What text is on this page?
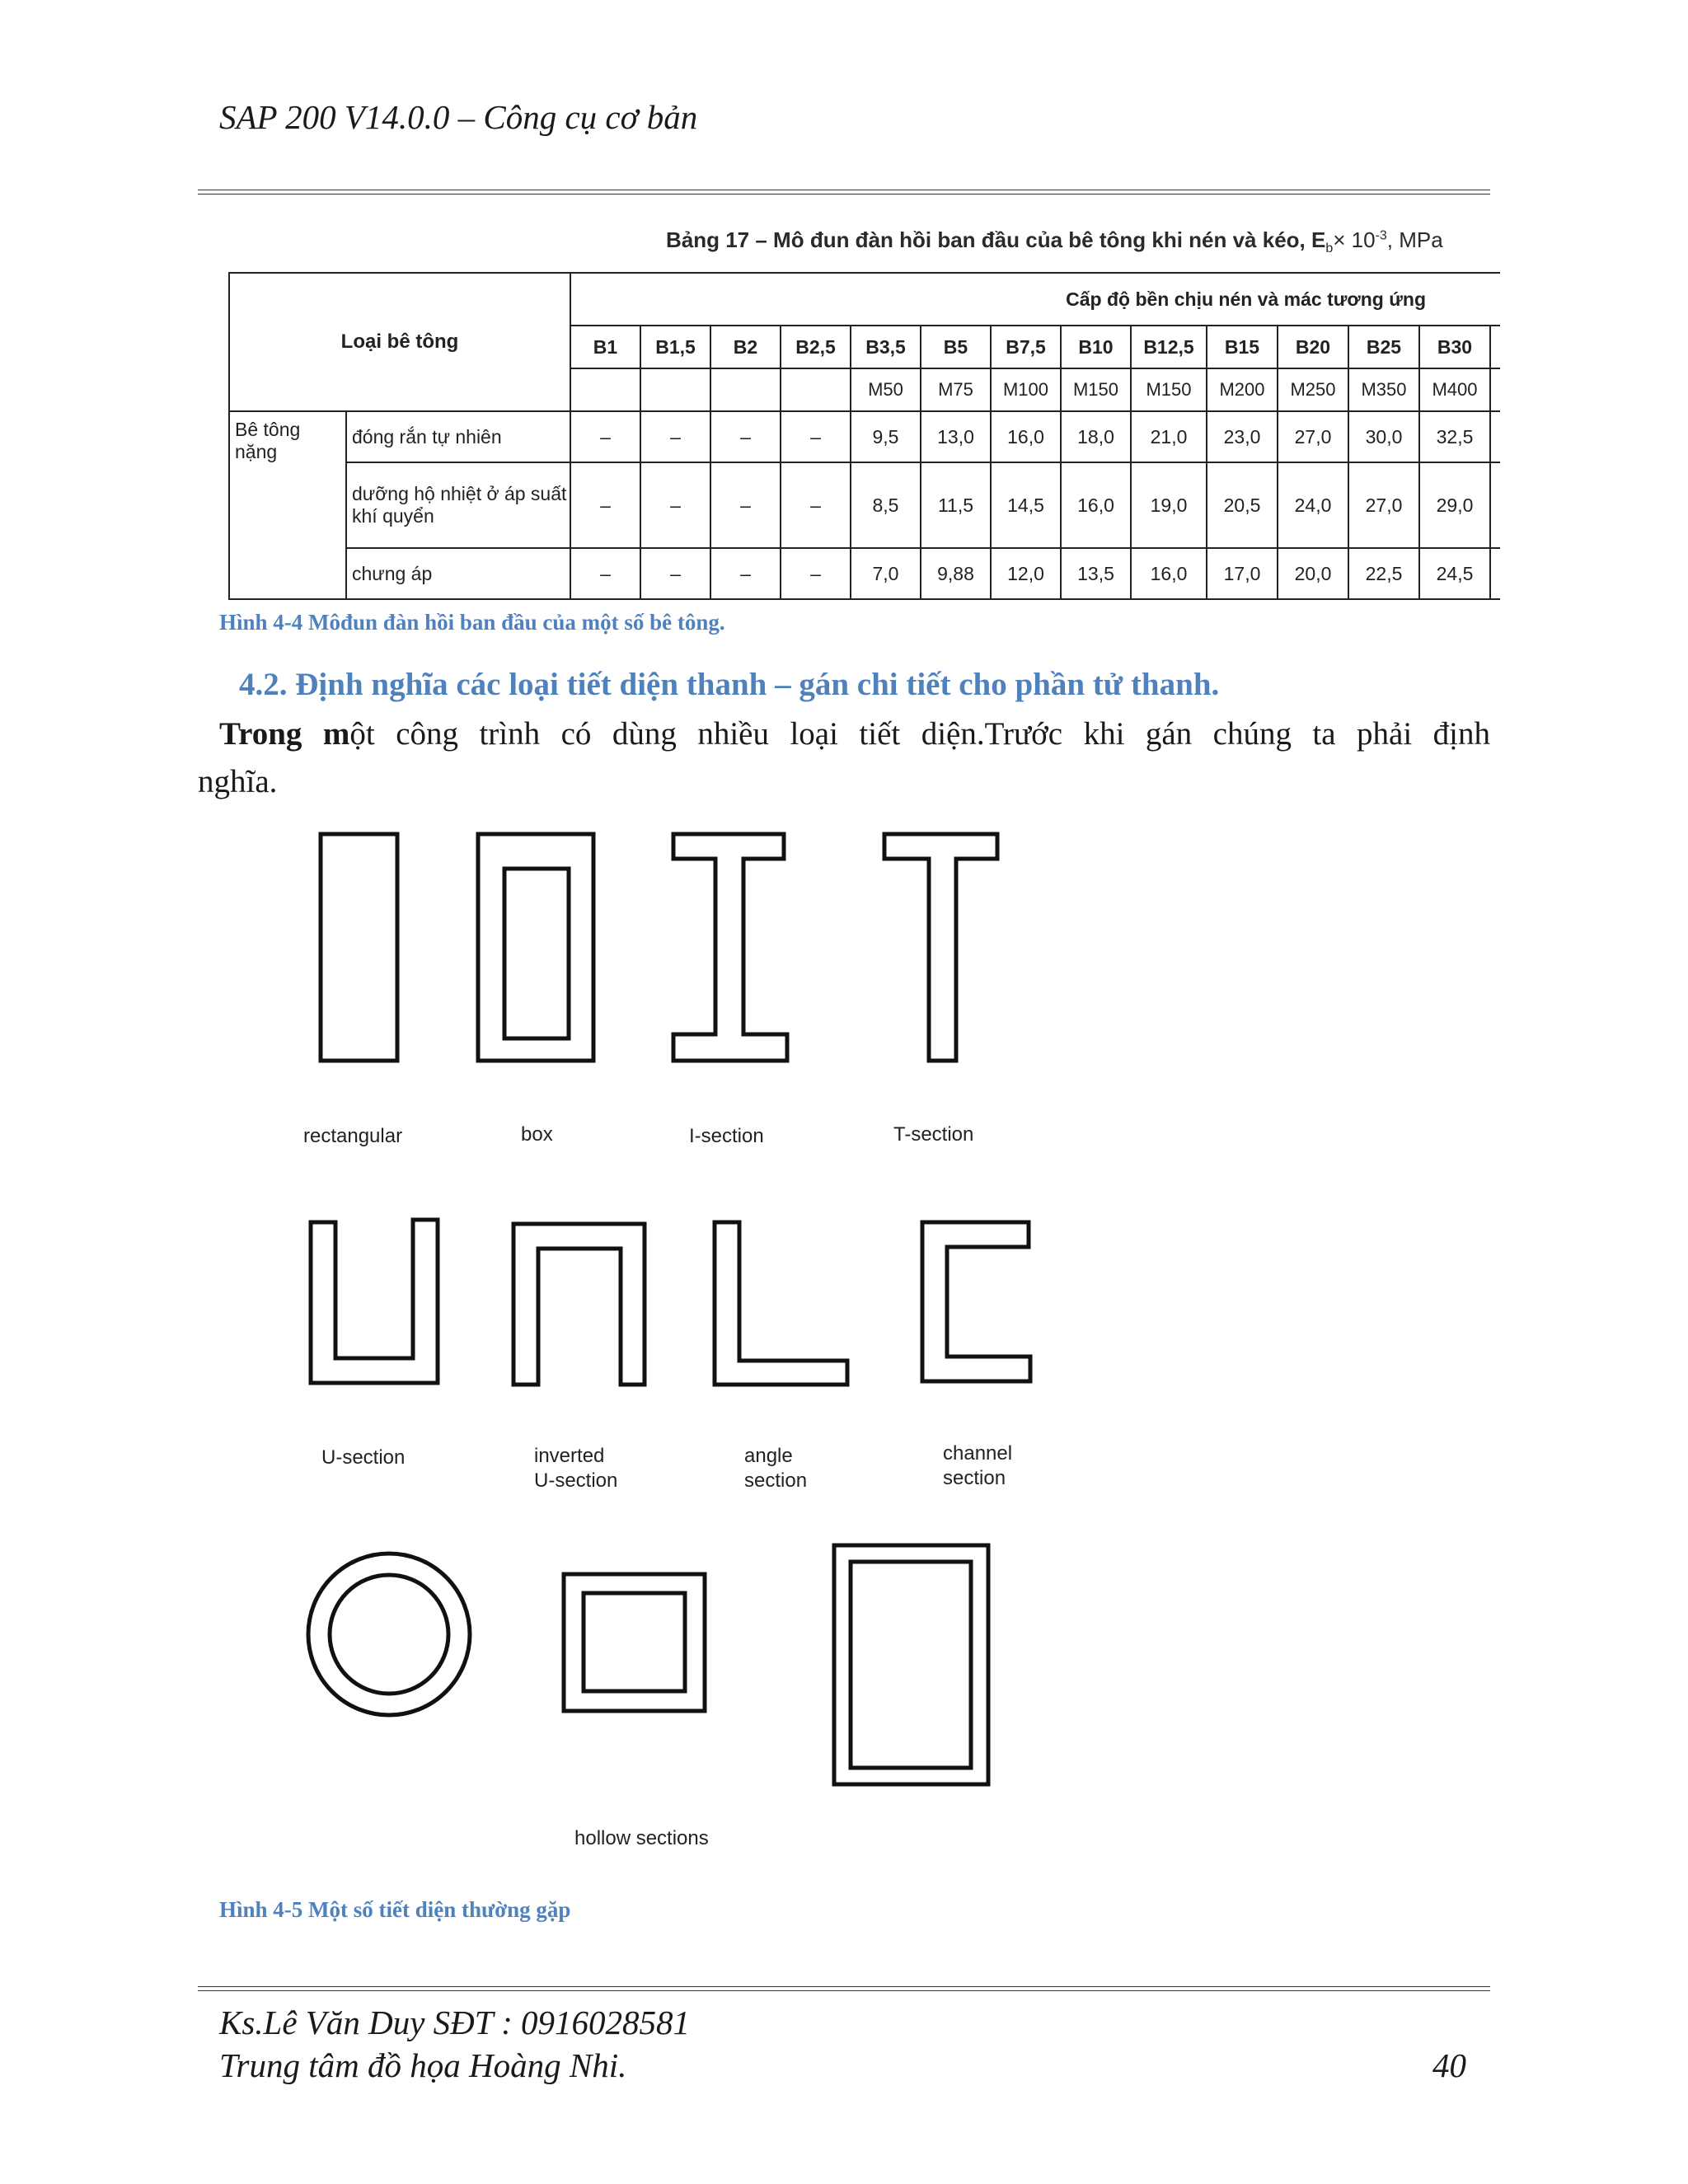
SAP 200 V14.0.0 – Công cụ cơ bản
Bảng 17 – Mô đun đàn hồi ban đầu của bê tông khi nén và kéo, $E_b\times 10^{-3}$, MPa
Loại bê tông		Cấp độ bền chịu nén và mác tương ứng													
		B1	B1,5	B2	B2,5	B3,5	B5	B7,5	B10	B12,5	B15	B20	B25	B30	
						M50	M75	M100	M150	M150	M200	M250	M350	M400	
Bê tông nặng	đóng rắn tự nhiên	–	–	–	–	9,5	13,0	16,0	18,0	21,0	23,0	27,0	30,0	32,5	
	dưỡng hộ nhiệt ở áp suất khí quyển	–	–	–	–	8,5	11,5	14,5	16,0	19,0	20,5	24,0	27,0	29,0	
	chưng áp	–	–	–	–	7,0	9,88	12,0	13,5	16,0	17,0	20,0	22,5	24,5	
Hình 4-4 Môđun đàn hồi ban đầu của một số bê tông.
4.2. Định nghĩa các loại tiết diện thanh – gán chi tiết cho phần tử thanh.
Trong một công trình có dùng nhiều loại tiết diện.Trước khi gán chúng ta phải định
nghĩa.
rectangular	box	I-section	T-section
U-section	inverted
U-section
angle
section
channel
section
hollow sections
Hình 4-5 Một số tiết diện thường gặp
Ks.Lê Văn Duy SĐT : 0916028581
Trung tâm đồ họa Hoàng Nhi.	40
